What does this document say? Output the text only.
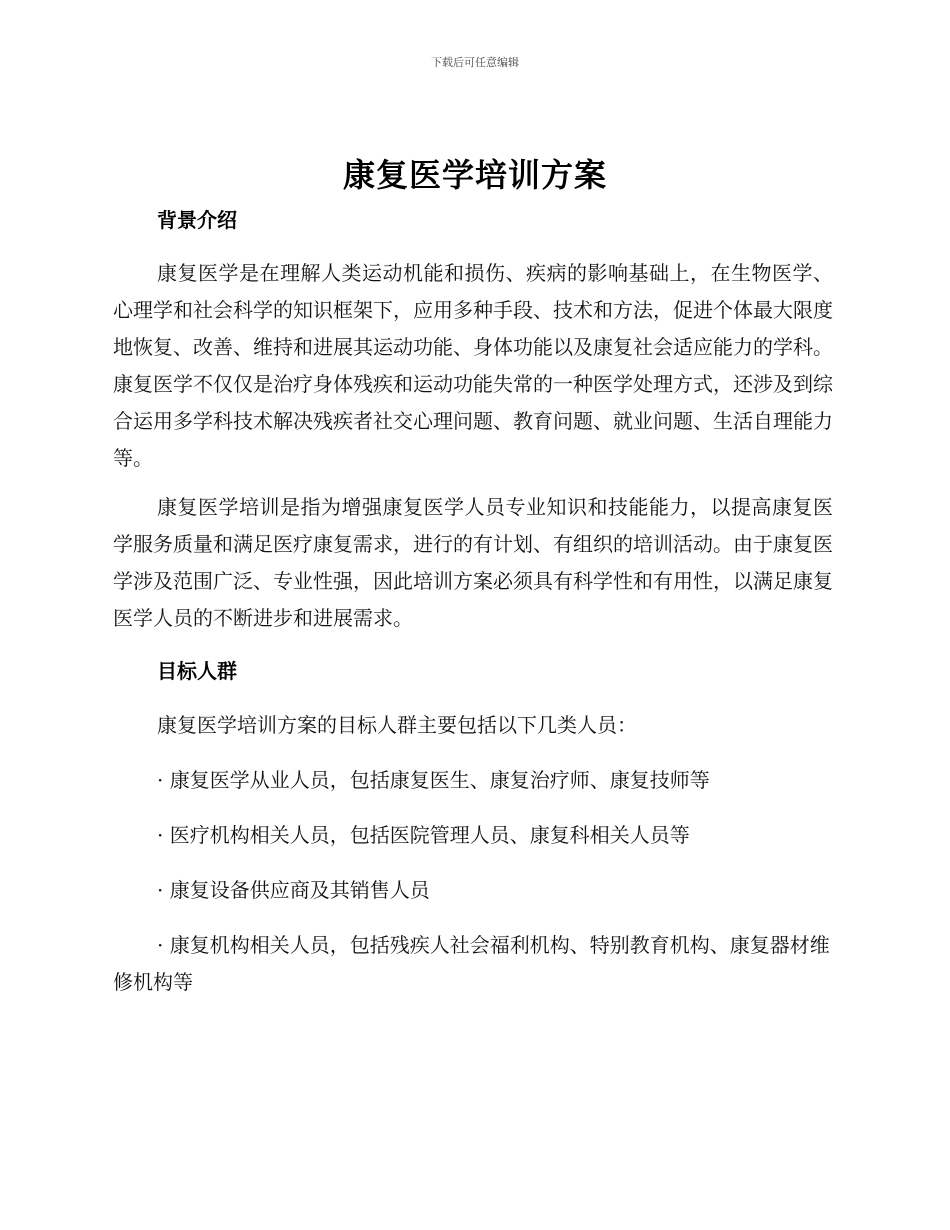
下载后可任意编辑
康复医学培训方案
背景介绍

康复医学是在理解人类运动机能和损伤、疾病的影响基础上，在生物医学、心理学和社会科学的知识框架下，应用多种手段、技术和方法，促进个体最大限度地恢复、改善、维持和进展其运动功能、身体功能以及康复社会适应能力的学科。康复医学不仅仅是治疗身体残疾和运动功能失常的一种医学处理方式，还涉及到综合运用多学科技术解决残疾者社交心理问题、教育问题、就业问题、生活自理能力等。

康复医学培训是指为增强康复医学人员专业知识和技能能力，以提高康复医学服务质量和满足医疗康复需求，进行的有计划、有组织的培训活动。由于康复医学涉及范围广泛、专业性强，因此培训方案必须具有科学性和有用性，以满足康复医学人员的不断进步和进展需求。

目标人群

康复医学培训方案的目标人群主要包括以下几类人员：

· 康复医学从业人员，包括康复医生、康复治疗师、康复技师等

· 医疗机构相关人员，包括医院管理人员、康复科相关人员等

· 康复设备供应商及其销售人员

· 康复机构相关人员，包括残疾人社会福利机构、特别教育机构、康复器材维修机构等
